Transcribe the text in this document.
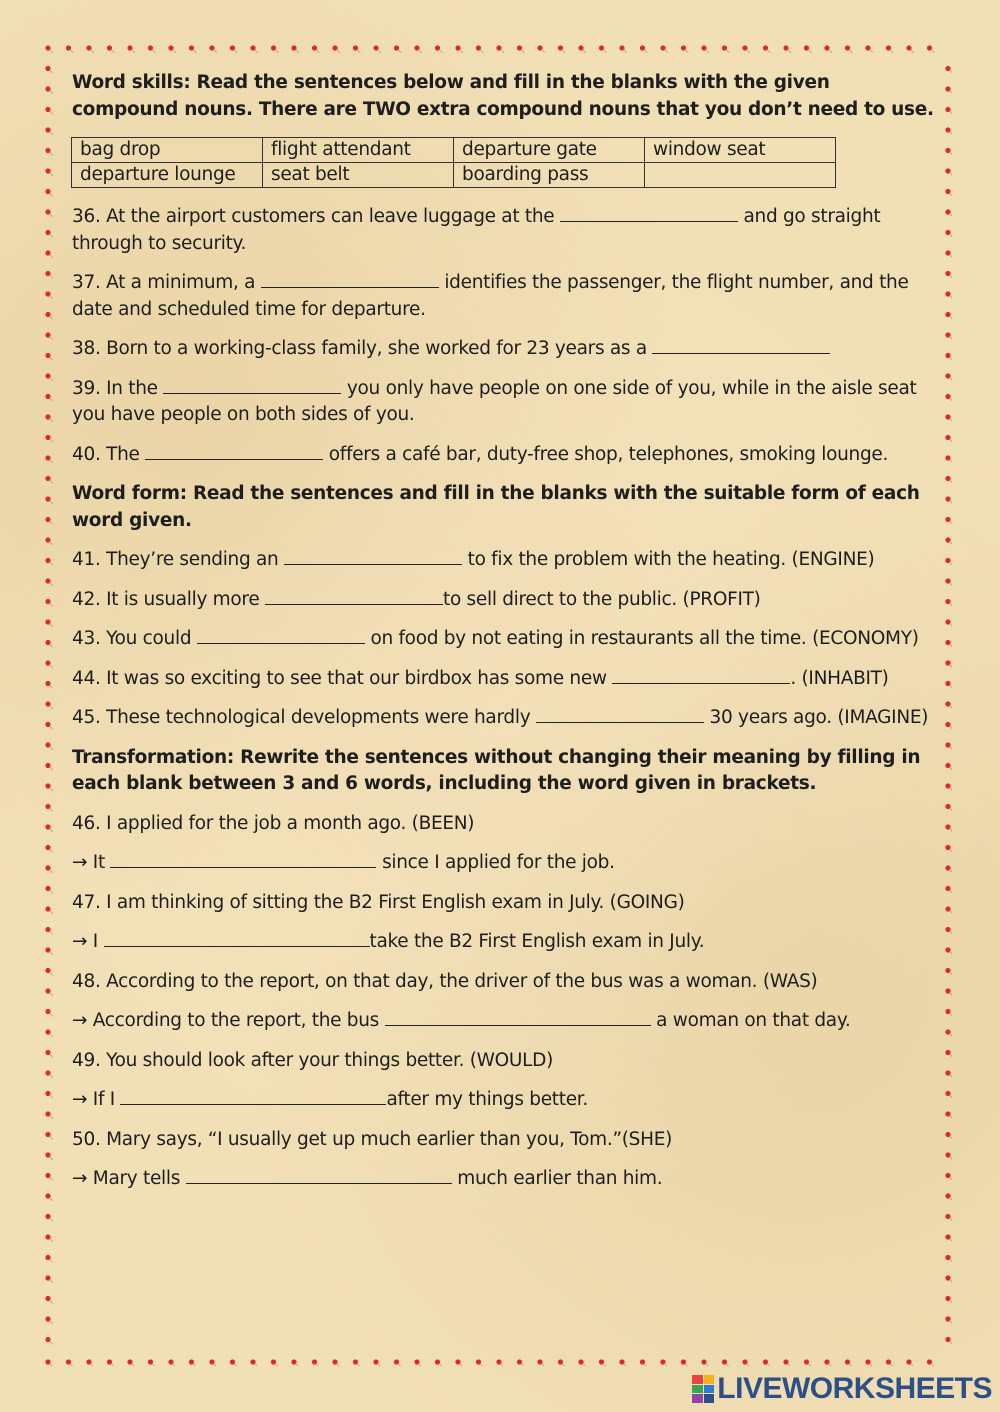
Word skills: Read the sentences below and fill in the blanks with the given
compound nouns. There are TWO extra compound nouns that you don’t need to use.
bag drop	flight attendant	departure gate	window seat
departure lounge	seat belt	boarding pass	
36. At the airport customers can leave luggage at the	and go straight
through to security.
37. At a minimum, a	identifies the passenger, the flight number, and the
date and scheduled time for departure.
38. Born to a working-class family, she worked for 23 years as a
39. In the	you only have people on one side of you, while in the aisle seat
you have people on both sides of you.
40. The	offers a café bar, duty-free shop, telephones, smoking lounge.
Word form: Read the sentences and fill in the blanks with the suitable form of each
word given.
41. They’re sending an	to fix the problem with the heating. (ENGINE)
42. It is usually more	to sell direct to the public. (PROFIT)
43. You could	on food by not eating in restaurants all the time. (ECONOMY)
44. It was so exciting to see that our birdbox has some new	. (INHABIT)
45. These technological developments were hardly	30 years ago. (IMAGINE)
Transformation: Rewrite the sentences without changing their meaning by filling in
each blank between 3 and 6 words, including the word given in brackets.
46. I applied for the job a month ago. (BEEN)
→ It	since I applied for the job.
47. I am thinking of sitting the B2 First English exam in July. (GOING)
→ I	take the B2 First English exam in July.
48. According to the report, on that day, the driver of the bus was a woman. (WAS)
→ According to the report, the bus	a woman on that day.
49. You should look after your things better. (WOULD)
→ If I	after my things better.
50. Mary says, “I usually get up much earlier than you, Tom.”(SHE)
→ Mary tells	much earlier than him.
LIVEWORKSHEETS
